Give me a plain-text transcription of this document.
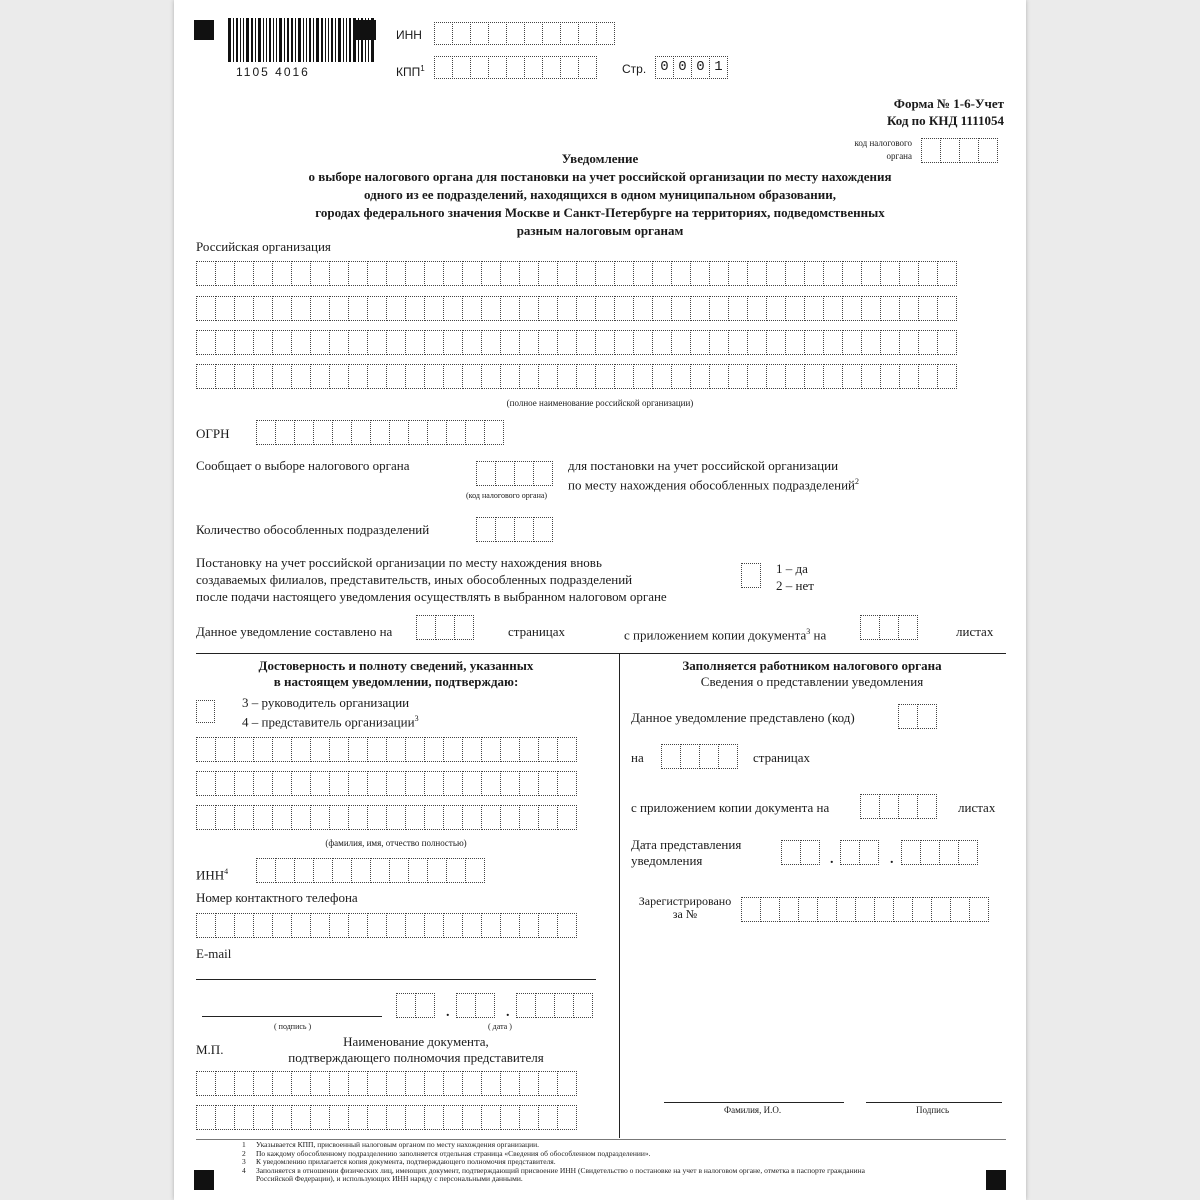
1105 4016
ИНН
КПП$^1$	Стр.	0 0 0 1
Форма № 1-6-Учет
Код по КНД 1111054
код налогового
органа
Уведомление
о выборе налогового органа для постановки на учет российской организации по месту нахождения
одного из ее подразделений, находящихся в одном муниципальном образовании,
городах федерального значения Москве и Санкт-Петербурге на территориях, подведомственных
разным налоговым органам
Российская организация
(полное наименование российской организации)
ОГРН
Сообщает о выборе налогового органа
(код налогового органа)
для постановки на учет российской организации
по месту нахождения обособленных подразделений$^2$
Количество обособленных подразделений
Постановку на учет российской организации по месту нахождения вновь
создаваемых филиалов, представительств, иных обособленных подразделений
после подачи настоящего уведомления осуществлять в выбранном налоговом органе
1 – да
2 – нет
Данное уведомление составлено на	страницах	с приложением копии документа$^3$ на	листах
Достоверность и полноту сведений, указанных
в настоящем уведомлении, подтверждаю:
3 – руководитель организации
4 – представитель организации$^3$
(фамилия, имя, отчество полностью)
ИНН$^4$
Номер контактного телефона
E-mail
( подпись )
.	.
( дата )
М.П.
Наименование документа,
подтверждающего полномочия представителя
Заполняется работником налогового органа
Сведения о представлении уведомления
Данное уведомление представлено (код)
на	страницах
с приложением копии документа на	листах
Дата представления
уведомления	.	.
Зарегистрировано
за №
Фамилия, И.О.	Подпись
1 Указывается КПП, присвоенный налоговым органом по месту нахождения организации.
2 По каждому обособленному подразделению заполняется отдельная страница «Сведения об обособленном подразделении».
3 К уведомлению прилагается копия документа, подтверждающего полномочия представителя.
4 Заполняется в отношении физических лиц, имеющих документ, подтверждающий присвоение ИНН (Свидетельство о постановке на учет в налоговом органе, отметка в паспорте гражданина
Российской Федерации), и использующих ИНН наряду с персональными данными.
